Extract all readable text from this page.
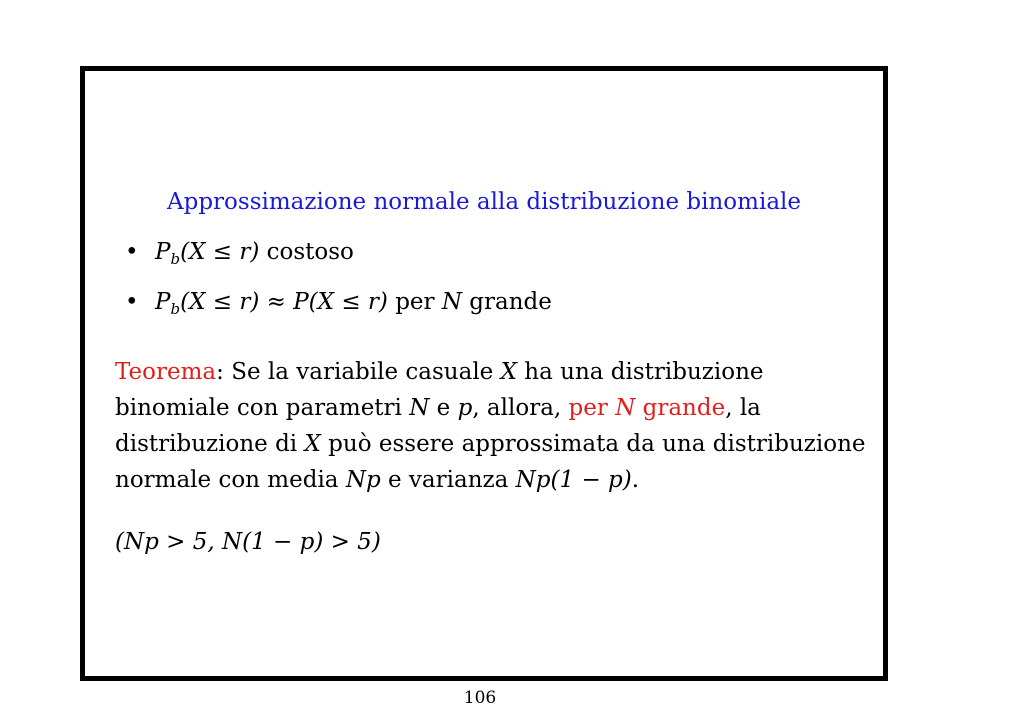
Approssimazione normale alla distribuzione binomiale
• $P_b(X \le r)$ costoso
• $P_b(X \le r) \approx P(X \le r)$ per N grande
Teorema: Se la variabile casuale X ha una distribuzione binomiale con parametri N e p, allora, per N grande, la distribuzione di X può essere approssimata da una distribuzione normale con media Np e varianza Np(1 − p).
(Np > 5, N(1 − p) > 5)
106
